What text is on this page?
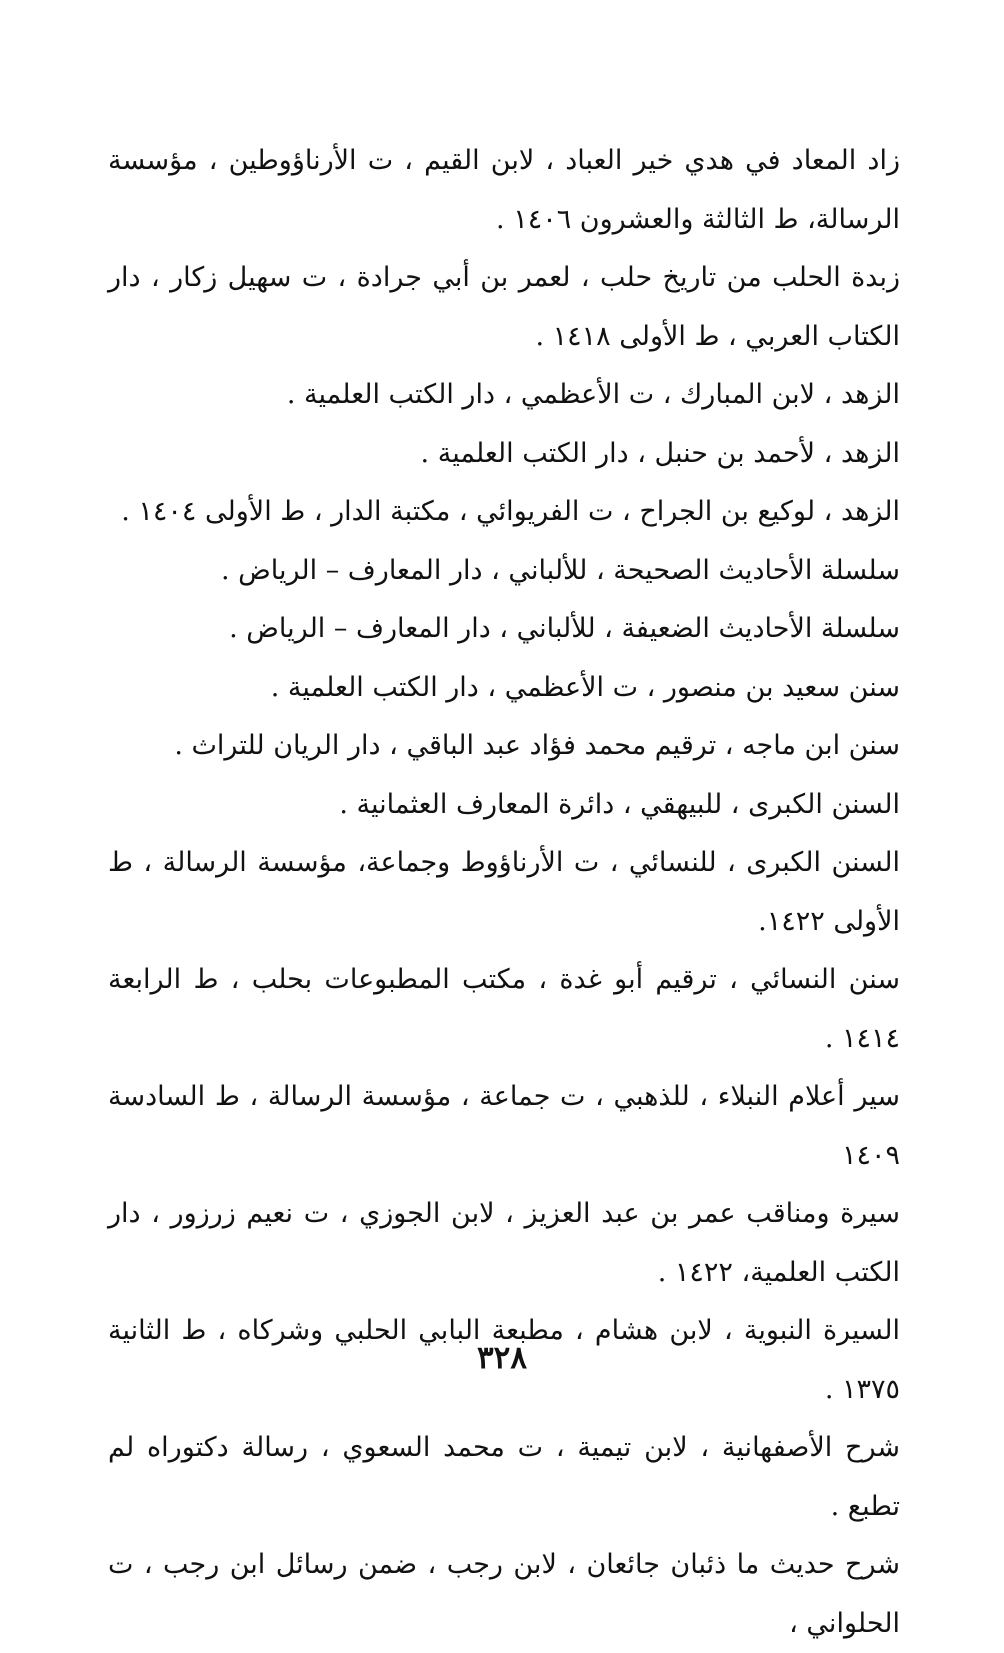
زاد المعاد في هدي خير العباد ، لابن القيم ، ت الأرناؤوطين ، مؤسسة الرسالة، ط الثالثة والعشرون ١٤٠٦ .
زبدة الحلب من تاريخ حلب ، لعمر بن أبي جرادة ، ت سهيل زكار ، دار الكتاب العربي ، ط الأولى ١٤١٨ .
الزهد ، لابن المبارك ، ت الأعظمي ، دار الكتب العلمية .
الزهد ، لأحمد بن حنبل ، دار الكتب العلمية .
الزهد ، لوكيع بن الجراح ، ت الفريوائي ، مكتبة الدار ، ط الأولى ١٤٠٤ .
سلسلة الأحاديث الصحيحة ، للألباني ، دار المعارف – الرياض .
سلسلة الأحاديث الضعيفة ، للألباني ، دار المعارف – الرياض .
سنن سعيد بن منصور ، ت الأعظمي ، دار الكتب العلمية .
سنن ابن ماجه ، ترقيم محمد فؤاد عبد الباقي ، دار الريان للتراث .
السنن الكبرى ، للبيهقي ، دائرة المعارف العثمانية .
السنن الكبرى ، للنسائي ، ت الأرناؤوط وجماعة، مؤسسة الرسالة ، ط الأولى ١٤٢٢.
سنن النسائي ، ترقيم أبو غدة ، مكتب المطبوعات بحلب ، ط الرابعة ١٤١٤ .
سير أعلام النبلاء ، للذهبي ، ت جماعة ، مؤسسة الرسالة ، ط السادسة ١٤٠٩
سيرة ومناقب عمر بن عبد العزيز ، لابن الجوزي ، ت نعيم زرزور ، دار الكتب العلمية، ١٤٢٢ .
السيرة النبوية ، لابن هشام ، مطبعة البابي الحلبي وشركاه ، ط الثانية ١٣٧٥ .
شرح الأصفهانية ، لابن تيمية ، ت محمد السعوي ، رسالة دكتوراه لم تطبع .
شرح حديث ما ذئبان جائعان ، لابن رجب ، ضمن رسائل ابن رجب ، ت الحلواني ،
٣٢٨
